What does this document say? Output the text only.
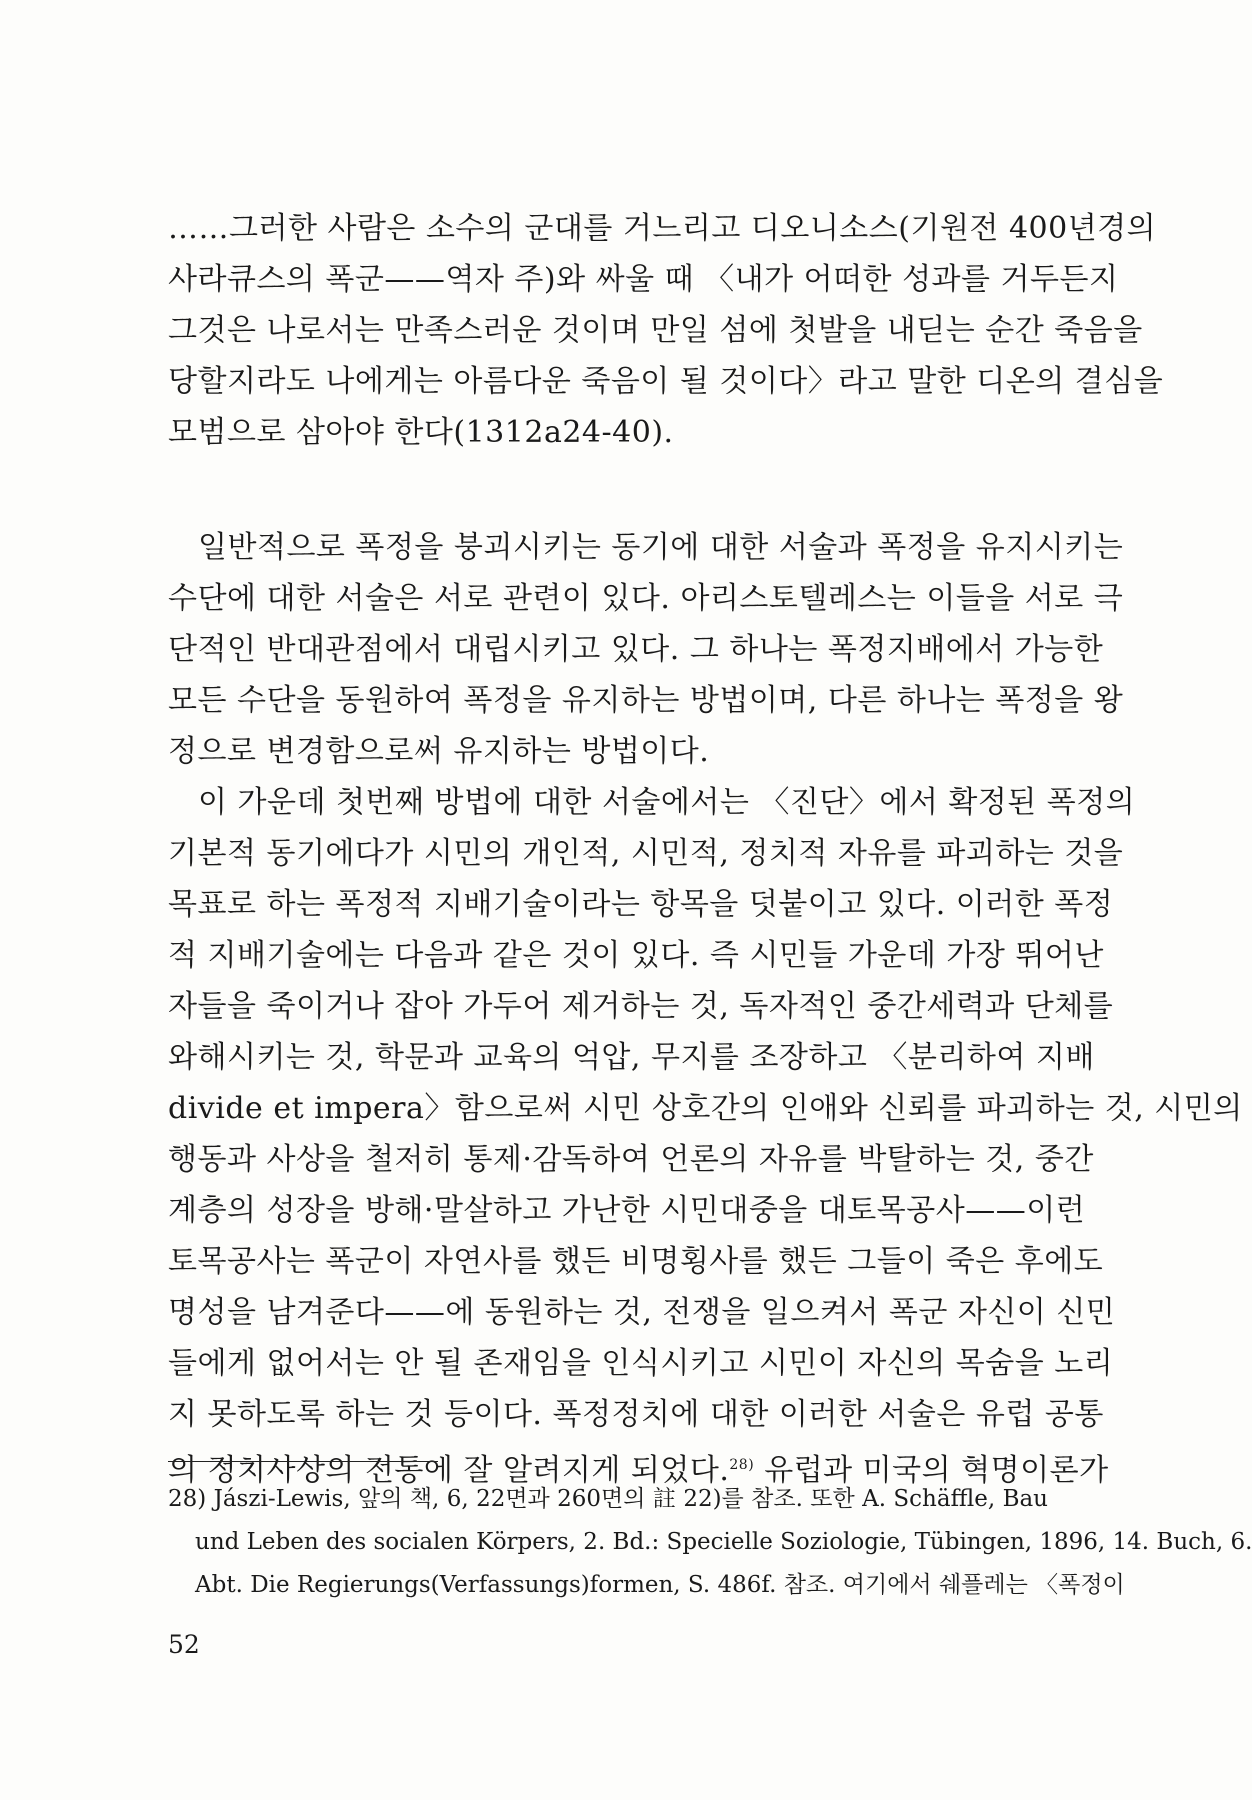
……그러한 사람은 소수의 군대를 거느리고 디오니소스(기원전 400년경의
사라큐스의 폭군——역자 주)와 싸울 때 〈내가 어떠한 성과를 거두든지
그것은 나로서는 만족스러운 것이며 만일 섬에 첫발을 내딛는 순간 죽음을
당할지라도 나에게는 아름다운 죽음이 될 것이다〉라고 말한 디온의 결심을
모범으로 삼아야 한다(1312a24-40).
일반적으로 폭정을 붕괴시키는 동기에 대한 서술과 폭정을 유지시키는
수단에 대한 서술은 서로 관련이 있다. 아리스토텔레스는 이들을 서로 극
단적인 반대관점에서 대립시키고 있다. 그 하나는 폭정지배에서 가능한
모든 수단을 동원하여 폭정을 유지하는 방법이며, 다른 하나는 폭정을 왕
정으로 변경함으로써 유지하는 방법이다.
이 가운데 첫번째 방법에 대한 서술에서는 〈진단〉에서 확정된 폭정의
기본적 동기에다가 시민의 개인적, 시민적, 정치적 자유를 파괴하는 것을
목표로 하는 폭정적 지배기술이라는 항목을 덧붙이고 있다. 이러한 폭정
적 지배기술에는 다음과 같은 것이 있다. 즉 시민들 가운데 가장 뛰어난
자들을 죽이거나 잡아 가두어 제거하는 것, 독자적인 중간세력과 단체를
와해시키는 것, 학문과 교육의 억압, 무지를 조장하고 〈분리하여 지배
divide et impera〉함으로써 시민 상호간의 인애와 신뢰를 파괴하는 것, 시민의
행동과 사상을 철저히 통제·감독하여 언론의 자유를 박탈하는 것, 중간
계층의 성장을 방해·말살하고 가난한 시민대중을 대토목공사——이런
토목공사는 폭군이 자연사를 했든 비명횡사를 했든 그들이 죽은 후에도
명성을 남겨준다——에 동원하는 것, 전쟁을 일으켜서 폭군 자신이 신민
들에게 없어서는 안 될 존재임을 인식시키고 시민이 자신의 목숨을 노리
지 못하도록 하는 것 등이다. 폭정정치에 대한 이러한 서술은 유럽 공통
의 정치사상의 전통에 잘 알려지게 되었다.$^{28)}$ 유럽과 미국의 혁명이론가
28) Jászi-Lewis, 앞의 책, 6, 22면과 260면의 註 22)를 참조. 또한 A. Schäffle, Bau
und Leben des socialen Körpers, 2. Bd.: Specielle Soziologie, Tübingen, 1896, 14. Buch, 6.
Abt. Die Regierungs(Verfassungs)formen, S. 486f. 참조. 여기에서 쉐플레는 〈폭정이
52
